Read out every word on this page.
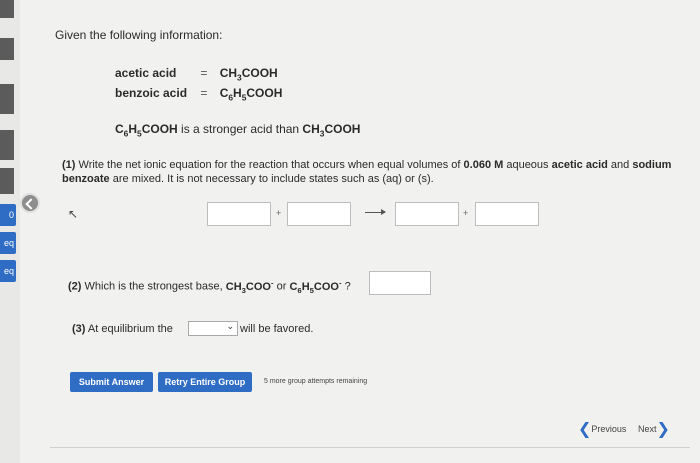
0
eq
eq
Given the following information:
acetic acid = $CH_3COOH$
benzoic acid = $C_6H_5COOH$
$C_6H_5COOH$ is a stronger acid than $CH_3COOH$
(1) Write the net ionic equation for the reaction that occurs when equal volumes of 0.060 M aqueous acetic acid and sodium benzoate are mixed. It is not necessary to include states such as (aq) or (s).
↖	+	+
(2) Which is the strongest base, $CH_3COO^-$ or $C_6H_5COO^-$ ?
(3) At equilibrium the	⌄ will be favored.
Submit Answer	Retry Entire Group	5 more group attempts remaining
❮Previous Next❯
